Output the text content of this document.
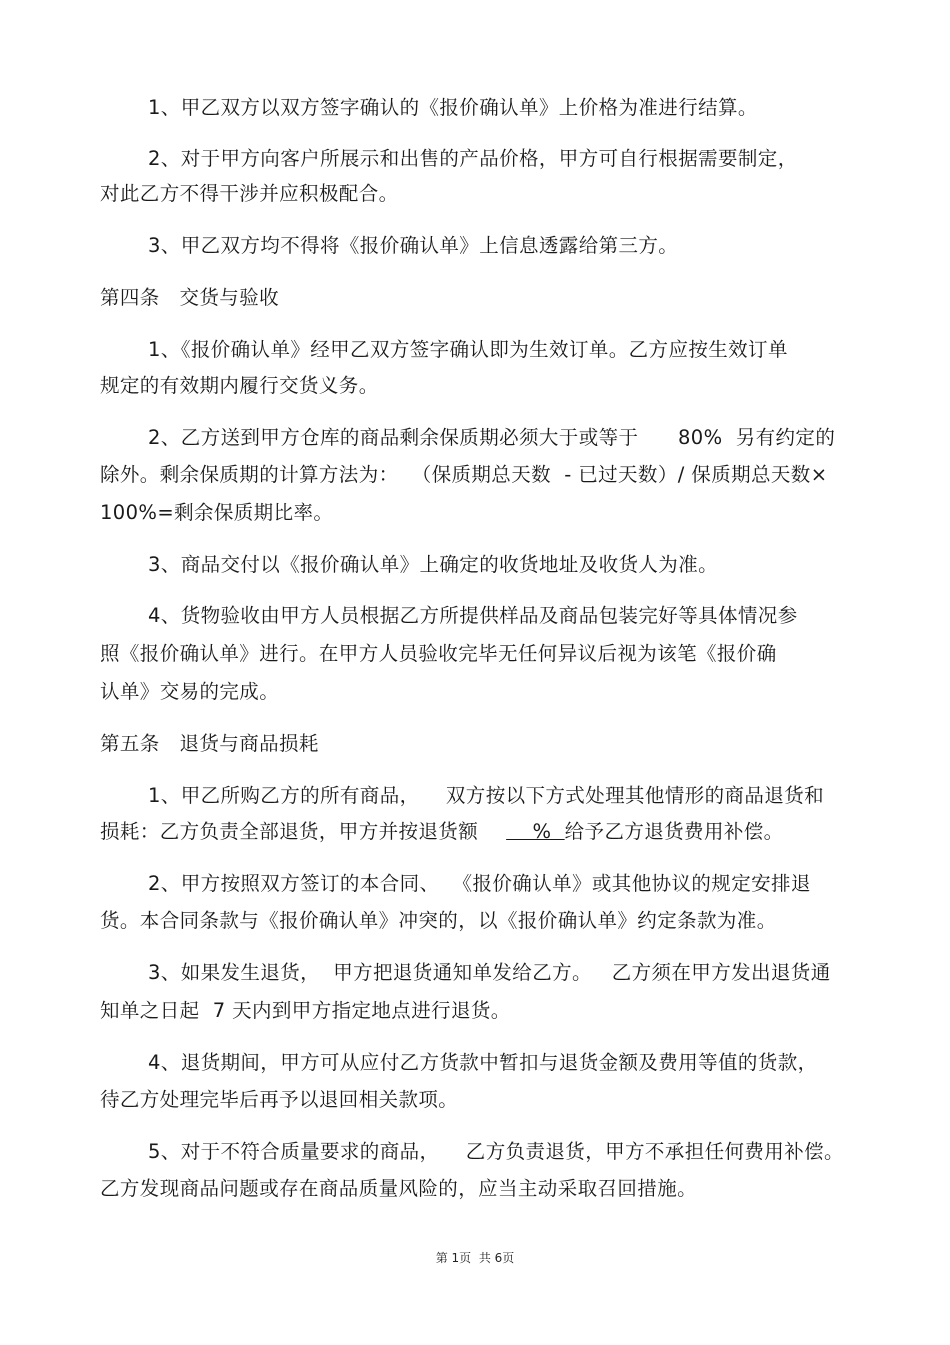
1、甲乙双方以双方签字确认的《报价确认单》上价格为准进行结算。

2、对于甲方向客户所展示和出售的产品价格，甲方可自行根据需要制定，

对此乙方不得干涉并应积极配合。

3、甲乙双方均不得将《报价确认单》上信息透露给第三方。

第四条   交货与验收

1、《报价确认单》经甲乙双方签字确认即为生效订单。乙方应按生效订单

规定的有效期内履行交货义务。

2、乙方送到甲方仓库的商品剩余保质期必须大于或等于      80%  另有约定的

除外。剩余保质期的计算方法为：  （保质期总天数  - 已过天数）/ 保质期总天数×

100%=剩余保质期比率。

3、商品交付以《报价确认单》上确定的收货地址及收货人为准。

4、货物验收由甲方人员根据乙方所提供样品及商品包装完好等具体情况参

照《报价确认单》进行。在甲方人员验收完毕无任何异议后视为该笔《报价确

认单》交易的完成。

第五条   退货与商品损耗

1、甲乙所购乙方的所有商品，    双方按以下方式处理其他情形的商品退货和

损耗：乙方负责全部退货，甲方并按退货额    %  给予乙方退货费用补偿。

2、甲方按照双方签订的本合同、  《报价确认单》或其他协议的规定安排退

货。本合同条款与《报价确认单》冲突的，以《报价确认单》约定条款为准。

3、如果发生退货，  甲方把退货通知单发给乙方。   乙方须在甲方发出退货通

知单之日起  7 天内到甲方指定地点进行退货。

4、退货期间，甲方可从应付乙方货款中暂扣与退货金额及费用等值的货款，

待乙方处理完毕后再予以退回相关款项。

5、对于不符合质量要求的商品，    乙方负责退货，甲方不承担任何费用补偿。

乙方发现商品问题或存在商品质量风险的，应当主动采取召回措施。

第 1页  共 6页
